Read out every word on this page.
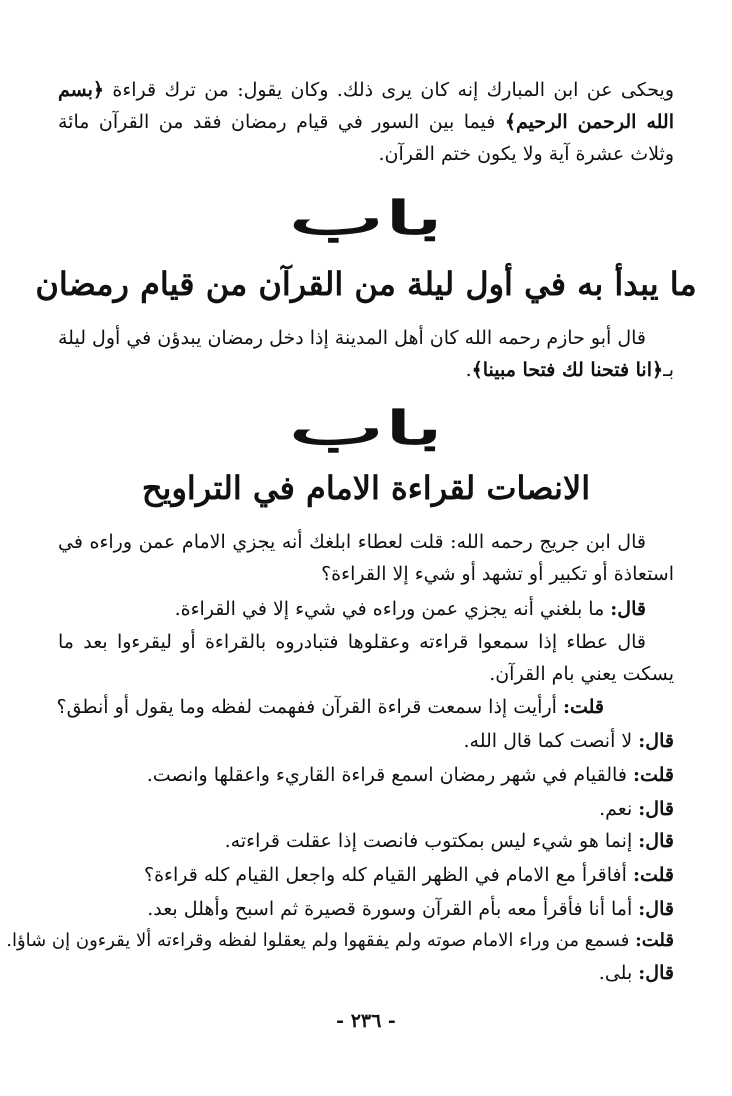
ويحكى عن ابن المبارك إنه كان يرى ذلك. وكان يقول: من ترك قراءة ﴿بسم الله الرحمن الرحيم﴾ فيما بين السور في قيام رمضان فقد من القرآن مائة وثلاث عشرة آية ولا يكون ختم القرآن.

باب
ما يبدأ به في أول ليلة من القرآن من قيام رمضان

قال أبو حازم رحمه الله كان أهل المدينة إذا دخل رمضان يبدؤن في أول ليلة بـ﴿انا فتحنا لك فتحا مبينا﴾.

باب
الانصات لقراءة الامام في التراويح

قال ابن جريج رحمه الله: قلت لعطاء ابلغك أنه يجزي الامام عمن وراءه في استعاذة أو تكبير أو تشهد أو شيء إلا القراءة؟

قال: ما بلغني أنه يجزي عمن وراءه في شيء إلا في القراءة.

قال عطاء إذا سمعوا قراءته وعقلوها فتبادروه بالقراءة أو ليقرءوا بعد ما يسكت يعني بام القرآن.

قلت: أرأيت إذا سمعت قراءة القرآن ففهمت لفظه وما يقول أو أنطق؟
قال: لا أنصت كما قال الله.
قلت: فالقيام في شهر رمضان اسمع قراءة القاريء واعقلها وانصت.
قال: نعم.
قال: إنما هو شيء ليس بمكتوب فانصت إذا عقلت قراءته.
قلت: أفاقرأ مع الامام في الظهر القيام كله واجعل القيام كله قراءة؟
قال: أما أنا فأقرأ معه بأم القرآن وسورة قصيرة ثم اسبح وأهلل بعد.
قلت: فسمع من وراء الامام صوته ولم يفقهوا ولم يعقلوا لفظه وقراءته ألا يقرءون إن شاؤا.
قال: بلى.
- ٢٣٦ -
